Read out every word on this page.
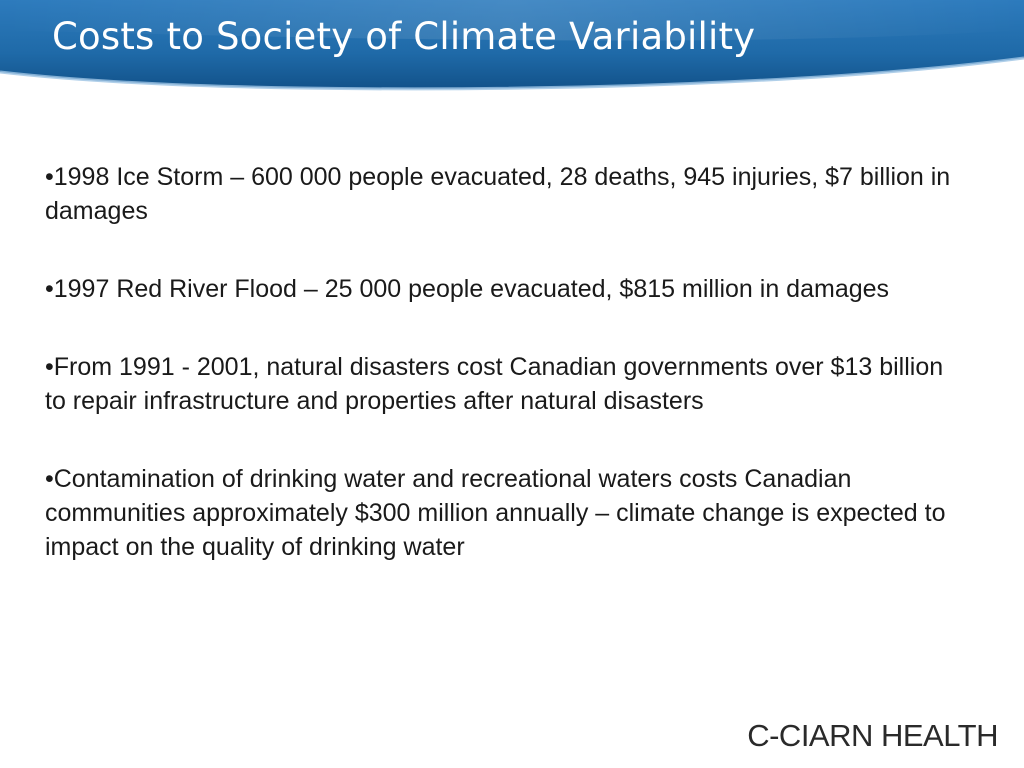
Costs to Society of Climate Variability
•1998 Ice Storm – 600 000 people evacuated, 28 deaths, 945 injuries, $7 billion in damages
•1997 Red River Flood – 25 000 people evacuated, $815 million in damages
•From 1991 - 2001, natural disasters cost Canadian governments over $13 billion to repair infrastructure and properties after natural disasters
•Contamination of drinking water and recreational waters costs Canadian communities approximately $300 million annually – climate change is expected to impact on the quality of drinking water
C-CIARN HEALTH
